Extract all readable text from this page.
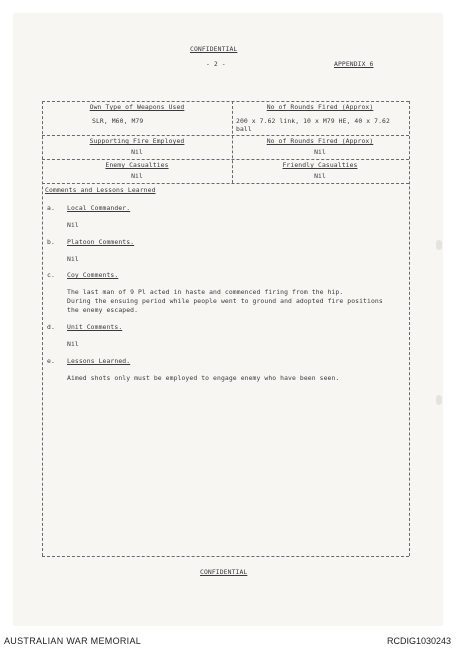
CONFIDENTIAL
- 2 -	APPENDIX 6
Own Type of Weapons Used
SLR, M60, M79
No of Rounds Fired (Approx)
200 x 7.62 link, 10 x M79 HE, 40 x 7.62
ball
Supporting Fire Employed
Nil
No of Rounds Fired (Approx)
Nil
Enemy Casualties
Nil
Friendly Casualties
Nil
Comments and Lessons Learned
a. Local Commander.
Nil
b. Platoon Comments.
Nil
c. Coy Comments.
The last man of 9 Pl acted in haste and commenced firing from the hip.
During the ensuing period while people went to ground and adopted fire positions
the enemy escaped.
d. Unit Comments.
Nil
e. Lessons Learned.
Aimed shots only must be employed to engage enemy who have been seen.
CONFIDENTIAL
AUSTRALIAN WAR MEMORIAL	RCDIG1030243
